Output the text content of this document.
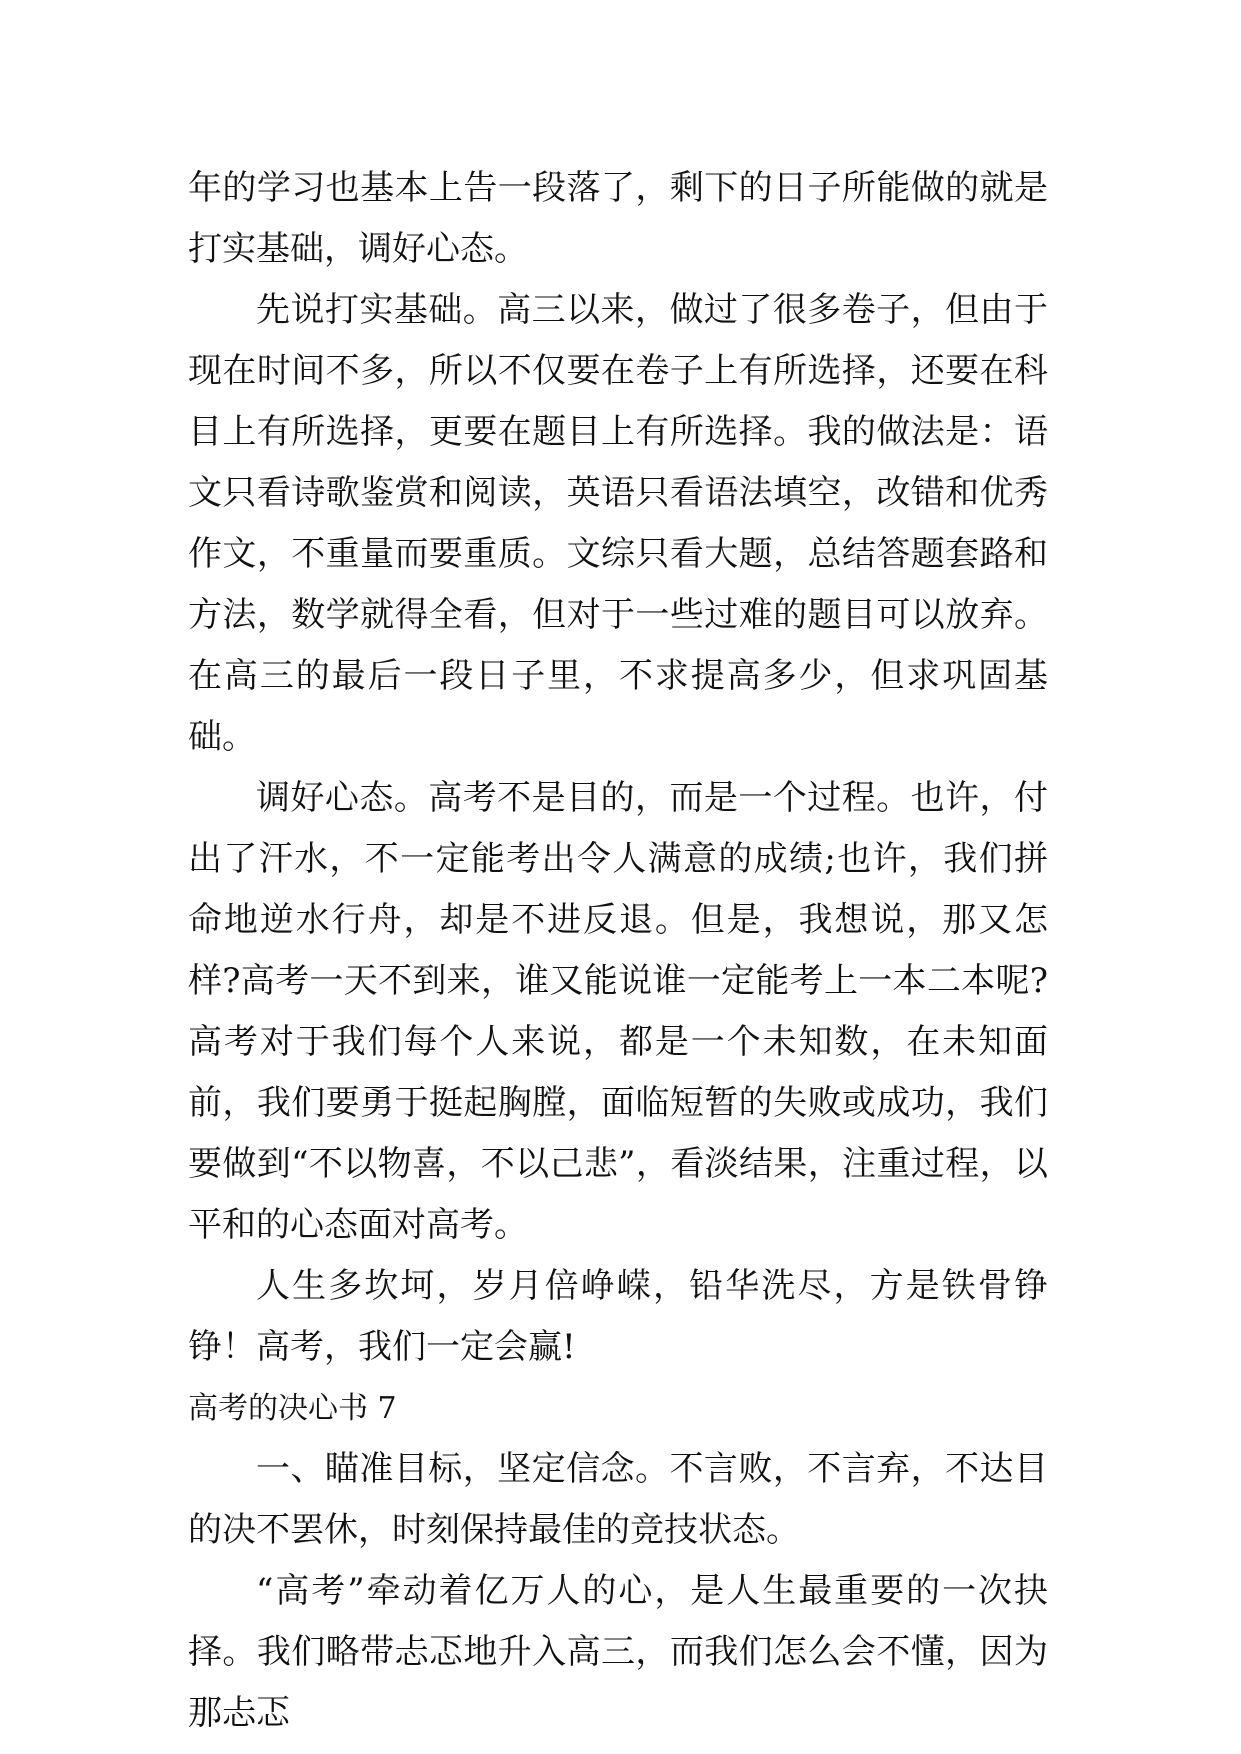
年的学习也基本上告一段落了，剩下的日子所能做的就是打实基础，调好心态。

先说打实基础。高三以来，做过了很多卷子，但由于现在时间不多，所以不仅要在卷子上有所选择，还要在科目上有所选择，更要在题目上有所选择。我的做法是：语文只看诗歌鉴赏和阅读，英语只看语法填空，改错和优秀作文，不重量而要重质。文综只看大题，总结答题套路和方法，数学就得全看，但对于一些过难的题目可以放弃。在高三的最后一段日子里，不求提高多少，但求巩固基础。

调好心态。高考不是目的，而是一个过程。也许，付出了汗水，不一定能考出令人满意的成绩;也许，我们拼命地逆水行舟，却是不进反退。但是，我想说，那又怎样?高考一天不到来，谁又能说谁一定能考上一本二本呢?高考对于我们每个人来说，都是一个未知数，在未知面前，我们要勇于挺起胸膛，面临短暂的失败或成功，我们要做到“不以物喜，不以己悲”，看淡结果，注重过程，以平和的心态面对高考。

人生多坎坷，岁月倍峥嵘，铅华洗尽，方是铁骨铮铮！高考，我们一定会赢!

高考的决心书 7

一、瞄准目标，坚定信念。不言败，不言弃，不达目的决不罢休，时刻保持最佳的竞技状态。

“高考”牵动着亿万人的心，是人生最重要的一次抉择。我们略带忐忑地升入高三，而我们怎么会不懂，因为那忐忑
